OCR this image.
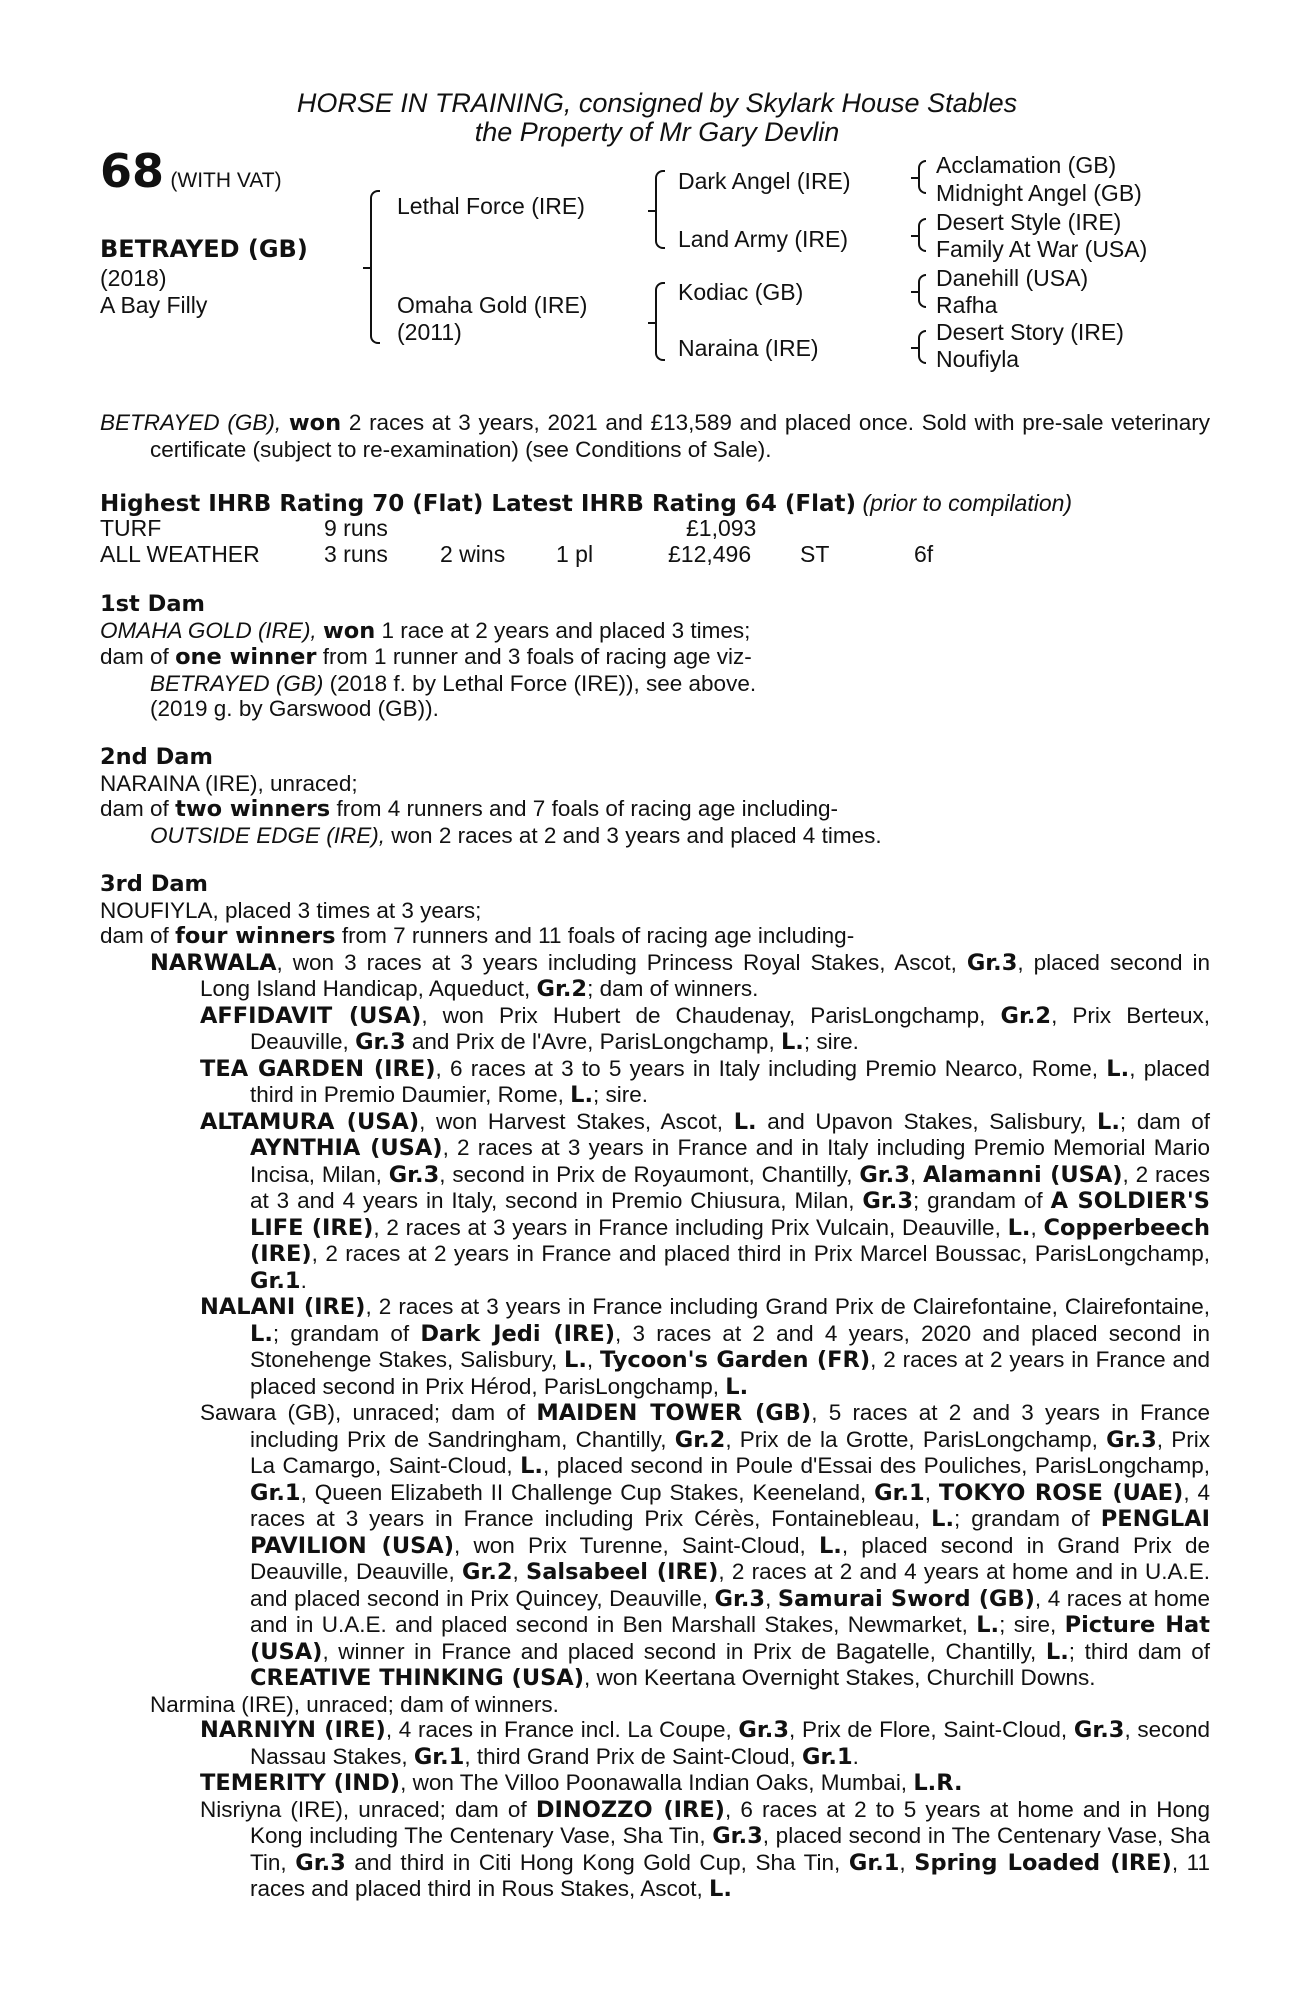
HORSE IN TRAINING, consigned by Skylark House Stables
the Property of Mr Gary Devlin
68 (WITH VAT)
BETRAYED (GB)
(2018)
A Bay Filly
Lethal Force (IRE)
Omaha Gold (IRE)
(2011)
Dark Angel (IRE)
Land Army (IRE)
Kodiac (GB)
Naraina (IRE)
Acclamation (GB)
Midnight Angel (GB)
Desert Style (IRE)
Family At War (USA)
Danehill (USA)
Rafha
Desert Story (IRE)
Noufiyla

BETRAYED (GB), won 2 races at 3 years, 2021 and £13,589 and placed once. Sold with pre-sale veterinary certificate (subject to re-examination) (see Conditions of Sale).

Highest IHRB Rating 70 (Flat) Latest IHRB Rating 64 (Flat) (prior to compilation)
TURF	9 runs	£1,093
ALL WEATHER	3 runs 2 wins 1 pl	£12,496 ST	6f

1st Dam

OMAHA GOLD (IRE), won 1 race at 2 years and placed 3 times;

dam of one winner from 1 runner and 3 foals of racing age viz-

BETRAYED (GB) (2018 f. by Lethal Force (IRE)), see above.

(2019 g. by Garswood (GB)).

2nd Dam

NARAINA (IRE), unraced;

dam of two winners from 4 runners and 7 foals of racing age including-

OUTSIDE EDGE (IRE), won 2 races at 2 and 3 years and placed 4 times.

3rd Dam

NOUFIYLA, placed 3 times at 3 years;

dam of four winners from 7 runners and 11 foals of racing age including-

NARWALA, won 3 races at 3 years including Princess Royal Stakes, Ascot, Gr.3, placed second in Long Island Handicap, Aqueduct, Gr.2; dam of winners.

AFFIDAVIT (USA), won Prix Hubert de Chaudenay, ParisLongchamp, Gr.2, Prix Berteux, Deauville, Gr.3 and Prix de l'Avre, ParisLongchamp, L.; sire.

TEA GARDEN (IRE), 6 races at 3 to 5 years in Italy including Premio Nearco, Rome, L., placed third in Premio Daumier, Rome, L.; sire.

ALTAMURA (USA), won Harvest Stakes, Ascot, L. and Upavon Stakes, Salisbury, L.; dam of AYNTHIA (USA), 2 races at 3 years in France and in Italy including Premio Memorial Mario Incisa, Milan, Gr.3, second in Prix de Royaumont, Chantilly, Gr.3, Alamanni (USA), 2 races at 3 and 4 years in Italy, second in Premio Chiusura, Milan, Gr.3; grandam of A SOLDIER'S LIFE (IRE), 2 races at 3 years in France including Prix Vulcain, Deauville, L., Copperbeech (IRE), 2 races at 2 years in France and placed third in Prix Marcel Boussac, ParisLongchamp, Gr.1.

NALANI (IRE), 2 races at 3 years in France including Grand Prix de Clairefontaine, Clairefontaine, L.; grandam of Dark Jedi (IRE), 3 races at 2 and 4 years, 2020 and placed second in Stonehenge Stakes, Salisbury, L., Tycoon's Garden (FR), 2 races at 2 years in France and placed second in Prix Hérod, ParisLongchamp, L.

Sawara (GB), unraced; dam of MAIDEN TOWER (GB), 5 races at 2 and 3 years in France including Prix de Sandringham, Chantilly, Gr.2, Prix de la Grotte, ParisLongchamp, Gr.3, Prix La Camargo, Saint-Cloud, L., placed second in Poule d'Essai des Pouliches, ParisLongchamp, Gr.1, Queen Elizabeth II Challenge Cup Stakes, Keeneland, Gr.1, TOKYO ROSE (UAE), 4 races at 3 years in France including Prix Cérès, Fontainebleau, L.; grandam of PENGLAI PAVILION (USA), won Prix Turenne, Saint-Cloud, L., placed second in Grand Prix de Deauville, Deauville, Gr.2, Salsabeel (IRE), 2 races at 2 and 4 years at home and in U.A.E. and placed second in Prix Quincey, Deauville, Gr.3, Samurai Sword (GB), 4 races at home and in U.A.E. and placed second in Ben Marshall Stakes, Newmarket, L.; sire, Picture Hat (USA), winner in France and placed second in Prix de Bagatelle, Chantilly, L.; third dam of CREATIVE THINKING (USA), won Keertana Overnight Stakes, Churchill Downs.

Narmina (IRE), unraced; dam of winners.

NARNIYN (IRE), 4 races in France incl. La Coupe, Gr.3, Prix de Flore, Saint-Cloud, Gr.3, second Nassau Stakes, Gr.1, third Grand Prix de Saint-Cloud, Gr.1.

TEMERITY (IND), won The Villoo Poonawalla Indian Oaks, Mumbai, L.R.

Nisriyna (IRE), unraced; dam of DINOZZO (IRE), 6 races at 2 to 5 years at home and in Hong Kong including The Centenary Vase, Sha Tin, Gr.3, placed second in The Centenary Vase, Sha Tin, Gr.3 and third in Citi Hong Kong Gold Cup, Sha Tin, Gr.1, Spring Loaded (IRE), 11 races and placed third in Rous Stakes, Ascot, L.
